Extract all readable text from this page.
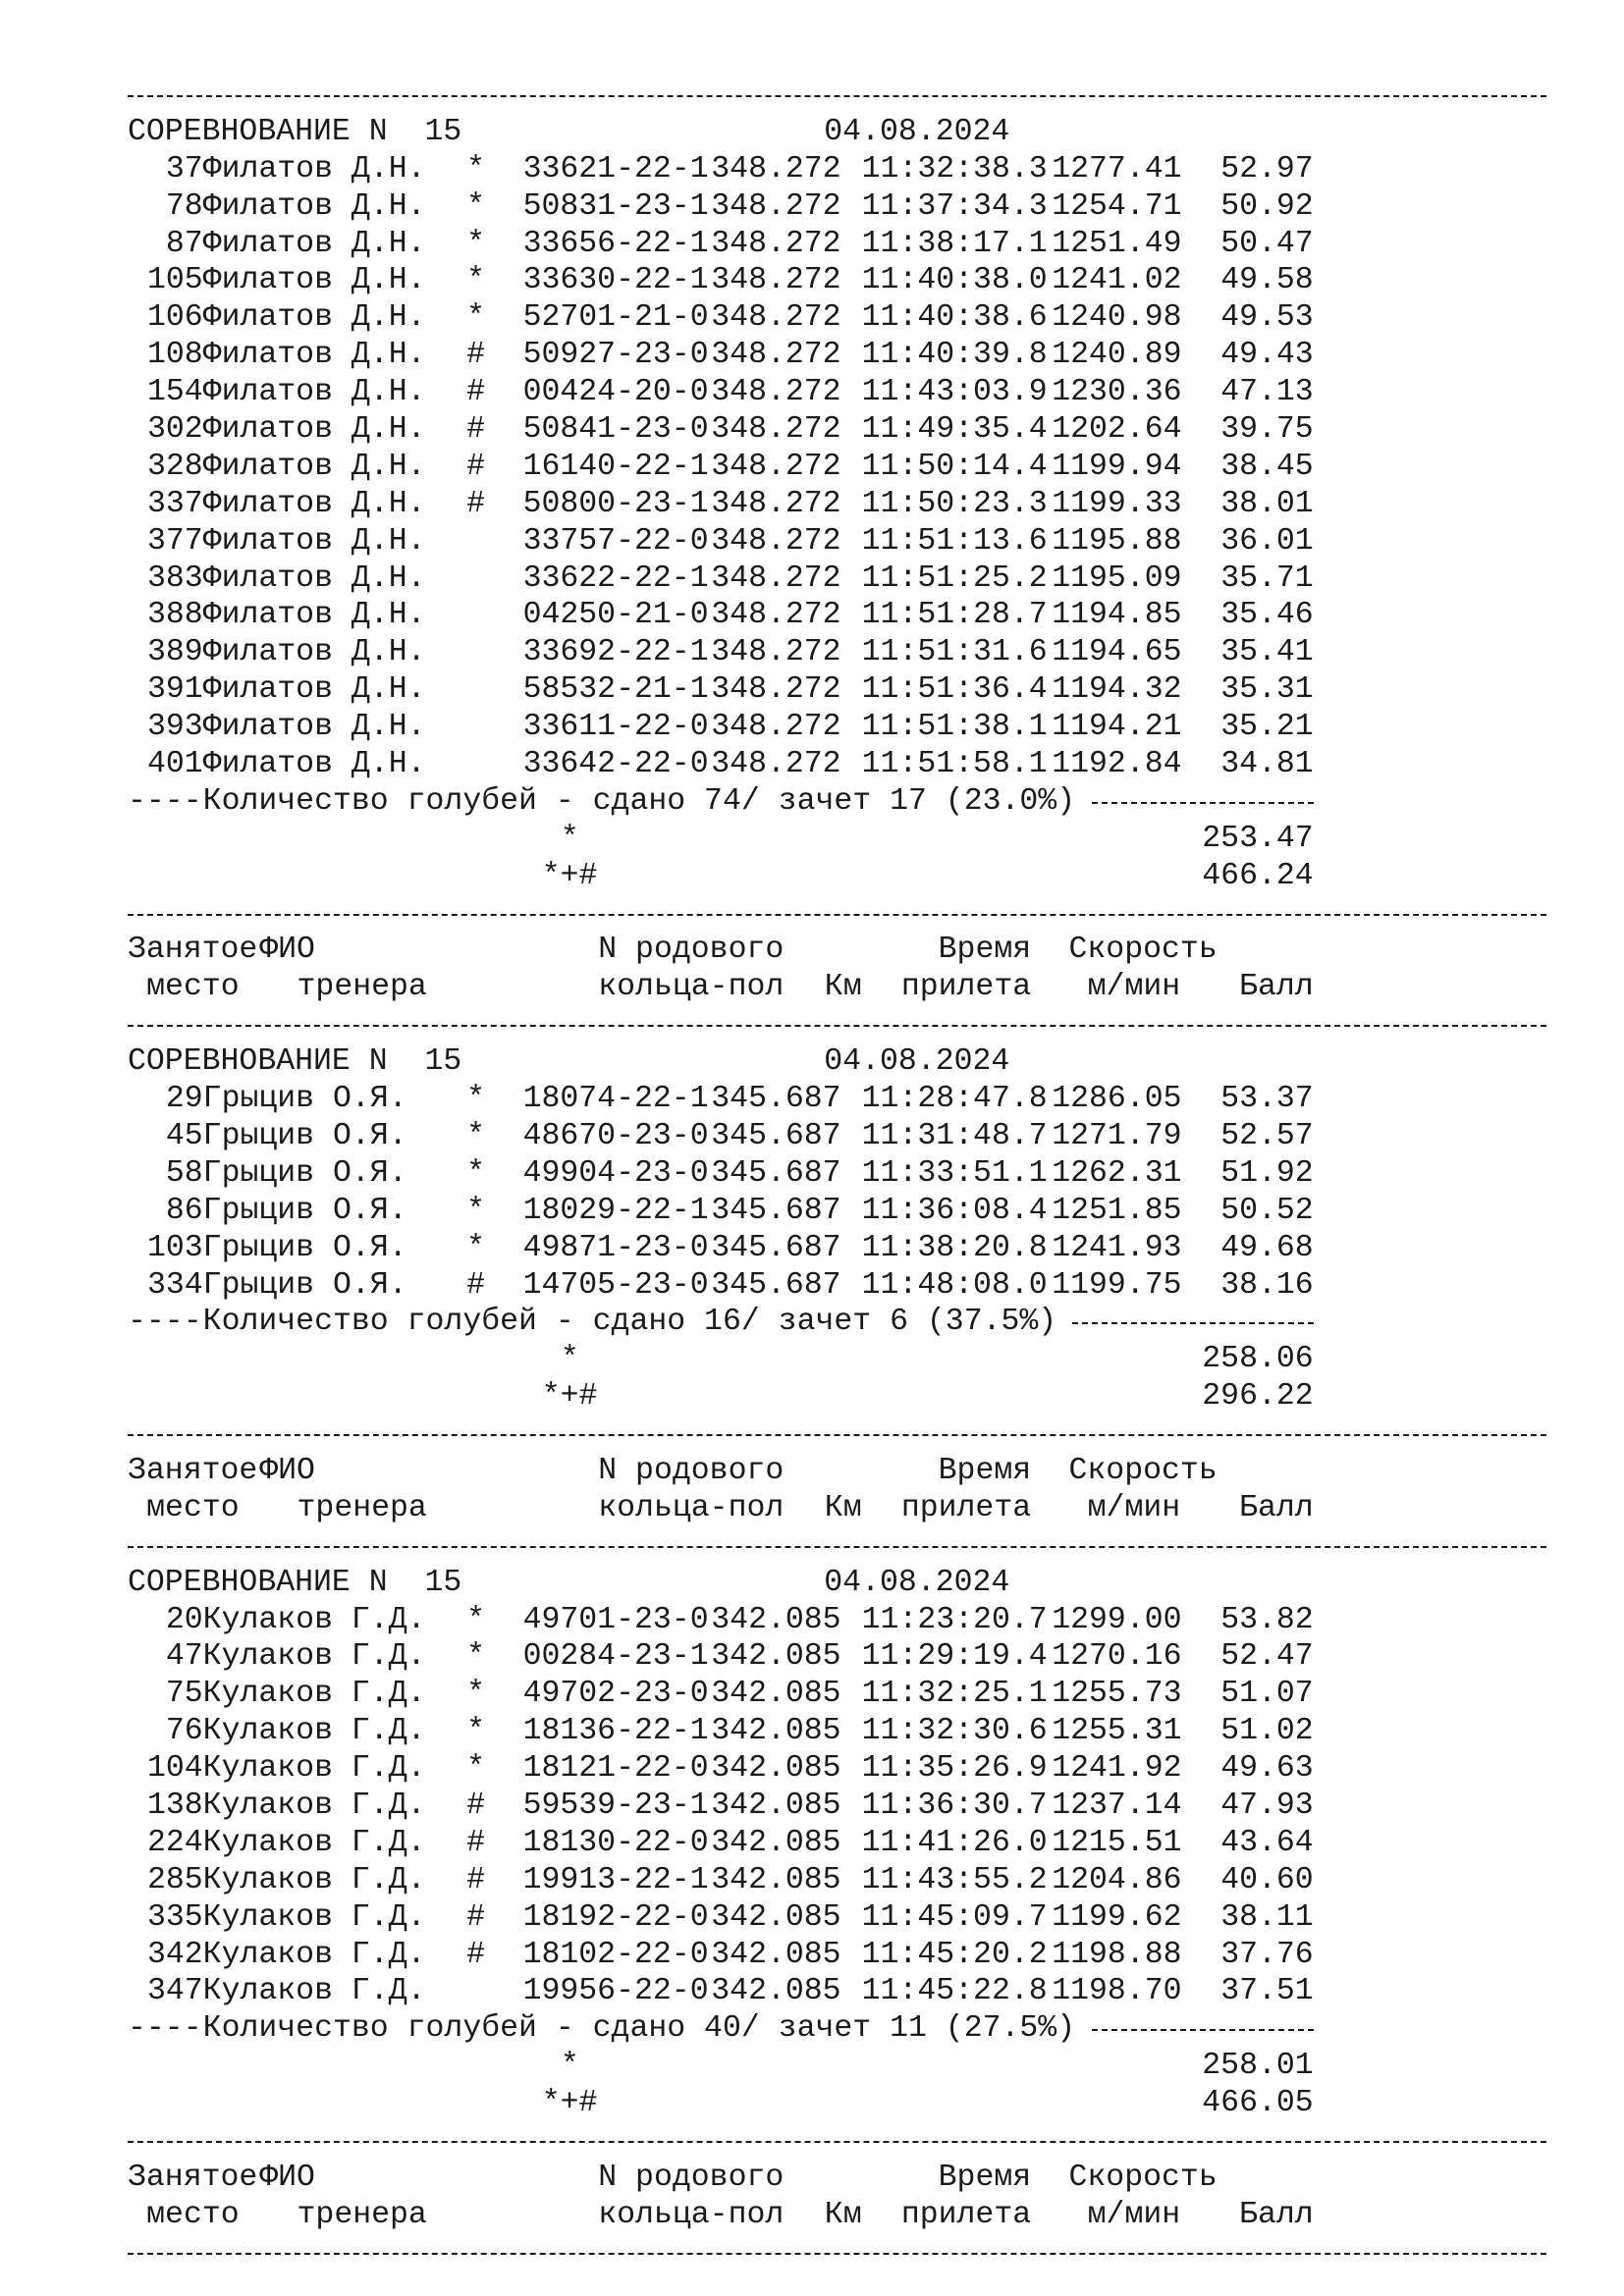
СОРЕВНОВАНИЕ N  15	04.08.2024
37 Филатов Д.Н. * 33621-22-1 348.272 11:32:38.3 1277.41	52.97
78 Филатов Д.Н. * 50831-23-1 348.272 11:37:34.3 1254.71	50.92
87 Филатов Д.Н. * 33656-22-1 348.272 11:38:17.1 1251.49	50.47
105 Филатов Д.Н. * 33630-22-1 348.272 11:40:38.0 1241.02	49.58
106 Филатов Д.Н. * 52701-21-0 348.272 11:40:38.6 1240.98	49.53
108 Филатов Д.Н. # 50927-23-0 348.272 11:40:39.8 1240.89	49.43
154 Филатов Д.Н. # 00424-20-0 348.272 11:43:03.9 1230.36	47.13
302 Филатов Д.Н. # 50841-23-0 348.272 11:49:35.4 1202.64	39.75
328 Филатов Д.Н. # 16140-22-1 348.272 11:50:14.4 1199.94	38.45
337 Филатов Д.Н. # 50800-23-1 348.272 11:50:23.3 1199.33	38.01
377 Филатов Д.Н.	33757-22-0 348.272 11:51:13.6 1195.88	36.01
383 Филатов Д.Н.	33622-22-1 348.272 11:51:25.2 1195.09	35.71
388 Филатов Д.Н.	04250-21-0 348.272 11:51:28.7 1194.85	35.46
389 Филатов Д.Н.	33692-22-1 348.272 11:51:31.6 1194.65	35.41
391 Филатов Д.Н.	58532-21-1 348.272 11:51:36.4 1194.32	35.31
393 Филатов Д.Н.	33611-22-0 348.272 11:51:38.1 1194.21	35.21
401 Филатов Д.Н.	33642-22-0 348.272 11:51:58.1 1192.84	34.81
---- Количество голубей - сдано 74/ зачет 17 (23.0%)
*	253.47
*+#	466.24
Занятое ФИО	N родового	Время Скорость
место тренера	кольца-пол	Км	прилета м/мин	Балл
СОРЕВНОВАНИЕ N  15	04.08.2024
29 Грыцив О.Я. * 18074-22-1 345.687 11:28:47.8 1286.05	53.37
45 Грыцив О.Я. * 48670-23-0 345.687 11:31:48.7 1271.79	52.57
58 Грыцив О.Я. * 49904-23-0 345.687 11:33:51.1 1262.31	51.92
86 Грыцив О.Я. * 18029-22-1 345.687 11:36:08.4 1251.85	50.52
103 Грыцив О.Я. * 49871-23-0 345.687 11:38:20.8 1241.93	49.68
334 Грыцив О.Я. # 14705-23-0 345.687 11:48:08.0 1199.75	38.16
---- Количество голубей - сдано 16/ зачет 6 (37.5%)
*	258.06
*+#	296.22
Занятое ФИО	N родового	Время Скорость
место тренера	кольца-пол	Км	прилета м/мин	Балл
СОРЕВНОВАНИЕ N  15	04.08.2024
20 Кулаков Г.Д. * 49701-23-0 342.085 11:23:20.7 1299.00	53.82
47 Кулаков Г.Д. * 00284-23-1 342.085 11:29:19.4 1270.16	52.47
75 Кулаков Г.Д. * 49702-23-0 342.085 11:32:25.1 1255.73	51.07
76 Кулаков Г.Д. * 18136-22-1 342.085 11:32:30.6 1255.31	51.02
104 Кулаков Г.Д. * 18121-22-0 342.085 11:35:26.9 1241.92	49.63
138 Кулаков Г.Д. # 59539-23-1 342.085 11:36:30.7 1237.14	47.93
224 Кулаков Г.Д. # 18130-22-0 342.085 11:41:26.0 1215.51	43.64
285 Кулаков Г.Д. # 19913-22-1 342.085 11:43:55.2 1204.86	40.60
335 Кулаков Г.Д. # 18192-22-0 342.085 11:45:09.7 1199.62	38.11
342 Кулаков Г.Д. # 18102-22-0 342.085 11:45:20.2 1198.88	37.76
347 Кулаков Г.Д.	19956-22-0 342.085 11:45:22.8 1198.70	37.51
---- Количество голубей - сдано 40/ зачет 11 (27.5%)
*	258.01
*+#	466.05
Занятое ФИО	N родового	Время Скорость
место тренера	кольца-пол	Км	прилета м/мин	Балл
